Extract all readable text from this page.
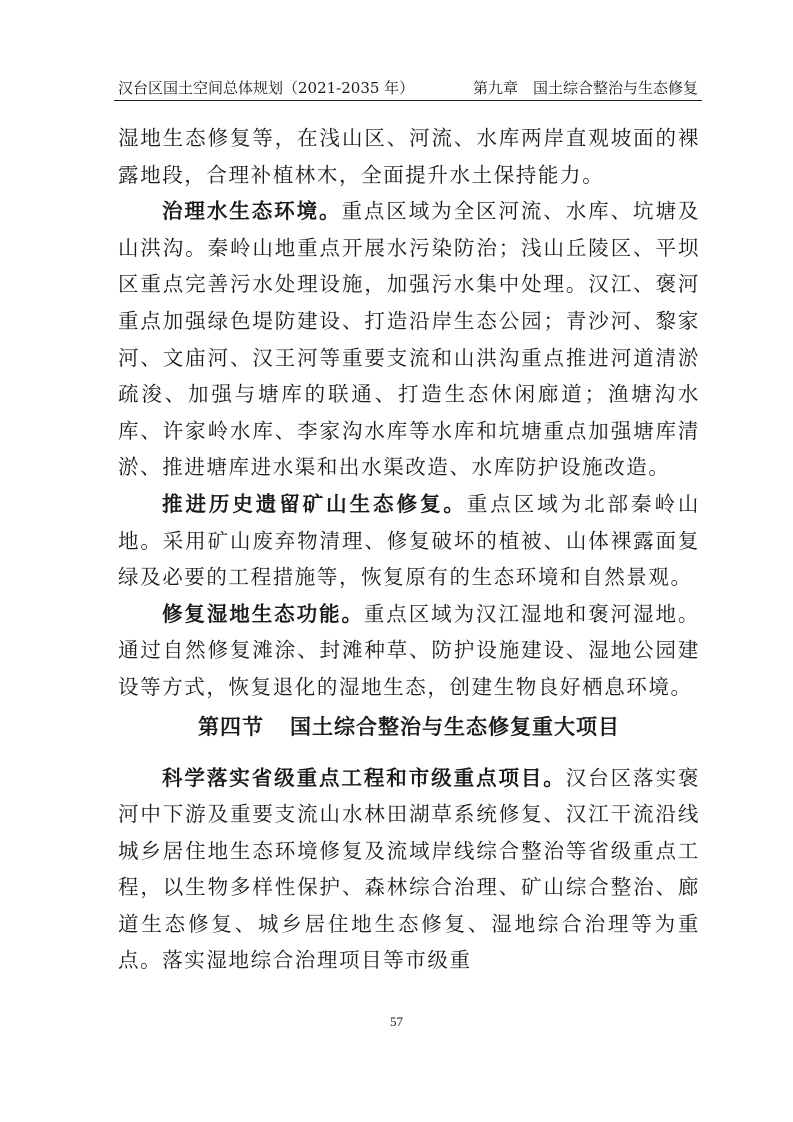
汉台区国土空间总体规划（2021-2035 年）	第九章　国土综合整治与生态修复

湿地生态修复等，在浅山区、河流、水库两岸直观坡面的裸露地段，合理补植林木，全面提升水土保持能力。

治理水生态环境。重点区域为全区河流、水库、坑塘及山洪沟。秦岭山地重点开展水污染防治；浅山丘陵区、平坝区重点完善污水处理设施，加强污水集中处理。汉江、褒河重点加强绿色堤防建设、打造沿岸生态公园；青沙河、黎家河、文庙河、汉王河等重要支流和山洪沟重点推进河道清淤疏浚、加强与塘库的联通、打造生态休闲廊道；渔塘沟水库、许家岭水库、李家沟水库等水库和坑塘重点加强塘库清淤、推进塘库进水渠和出水渠改造、水库防护设施改造。

推进历史遗留矿山生态修复。重点区域为北部秦岭山地。采用矿山废弃物清理、修复破坏的植被、山体裸露面复绿及必要的工程措施等，恢复原有的生态环境和自然景观。

修复湿地生态功能。重点区域为汉江湿地和褒河湿地。通过自然修复滩涂、封滩种草、防护设施建设、湿地公园建设等方式，恢复退化的湿地生态，创建生物良好栖息环境。

第四节 国土综合整治与生态修复重大项目

科学落实省级重点工程和市级重点项目。汉台区落实褒河中下游及重要支流山水林田湖草系统修复、汉江干流沿线城乡居住地生态环境修复及流域岸线综合整治等省级重点工程，以生物多样性保护、森林综合治理、矿山综合整治、廊道生态修复、城乡居住地生态修复、湿地综合治理等为重点。落实湿地综合治理项目等市级重

57
